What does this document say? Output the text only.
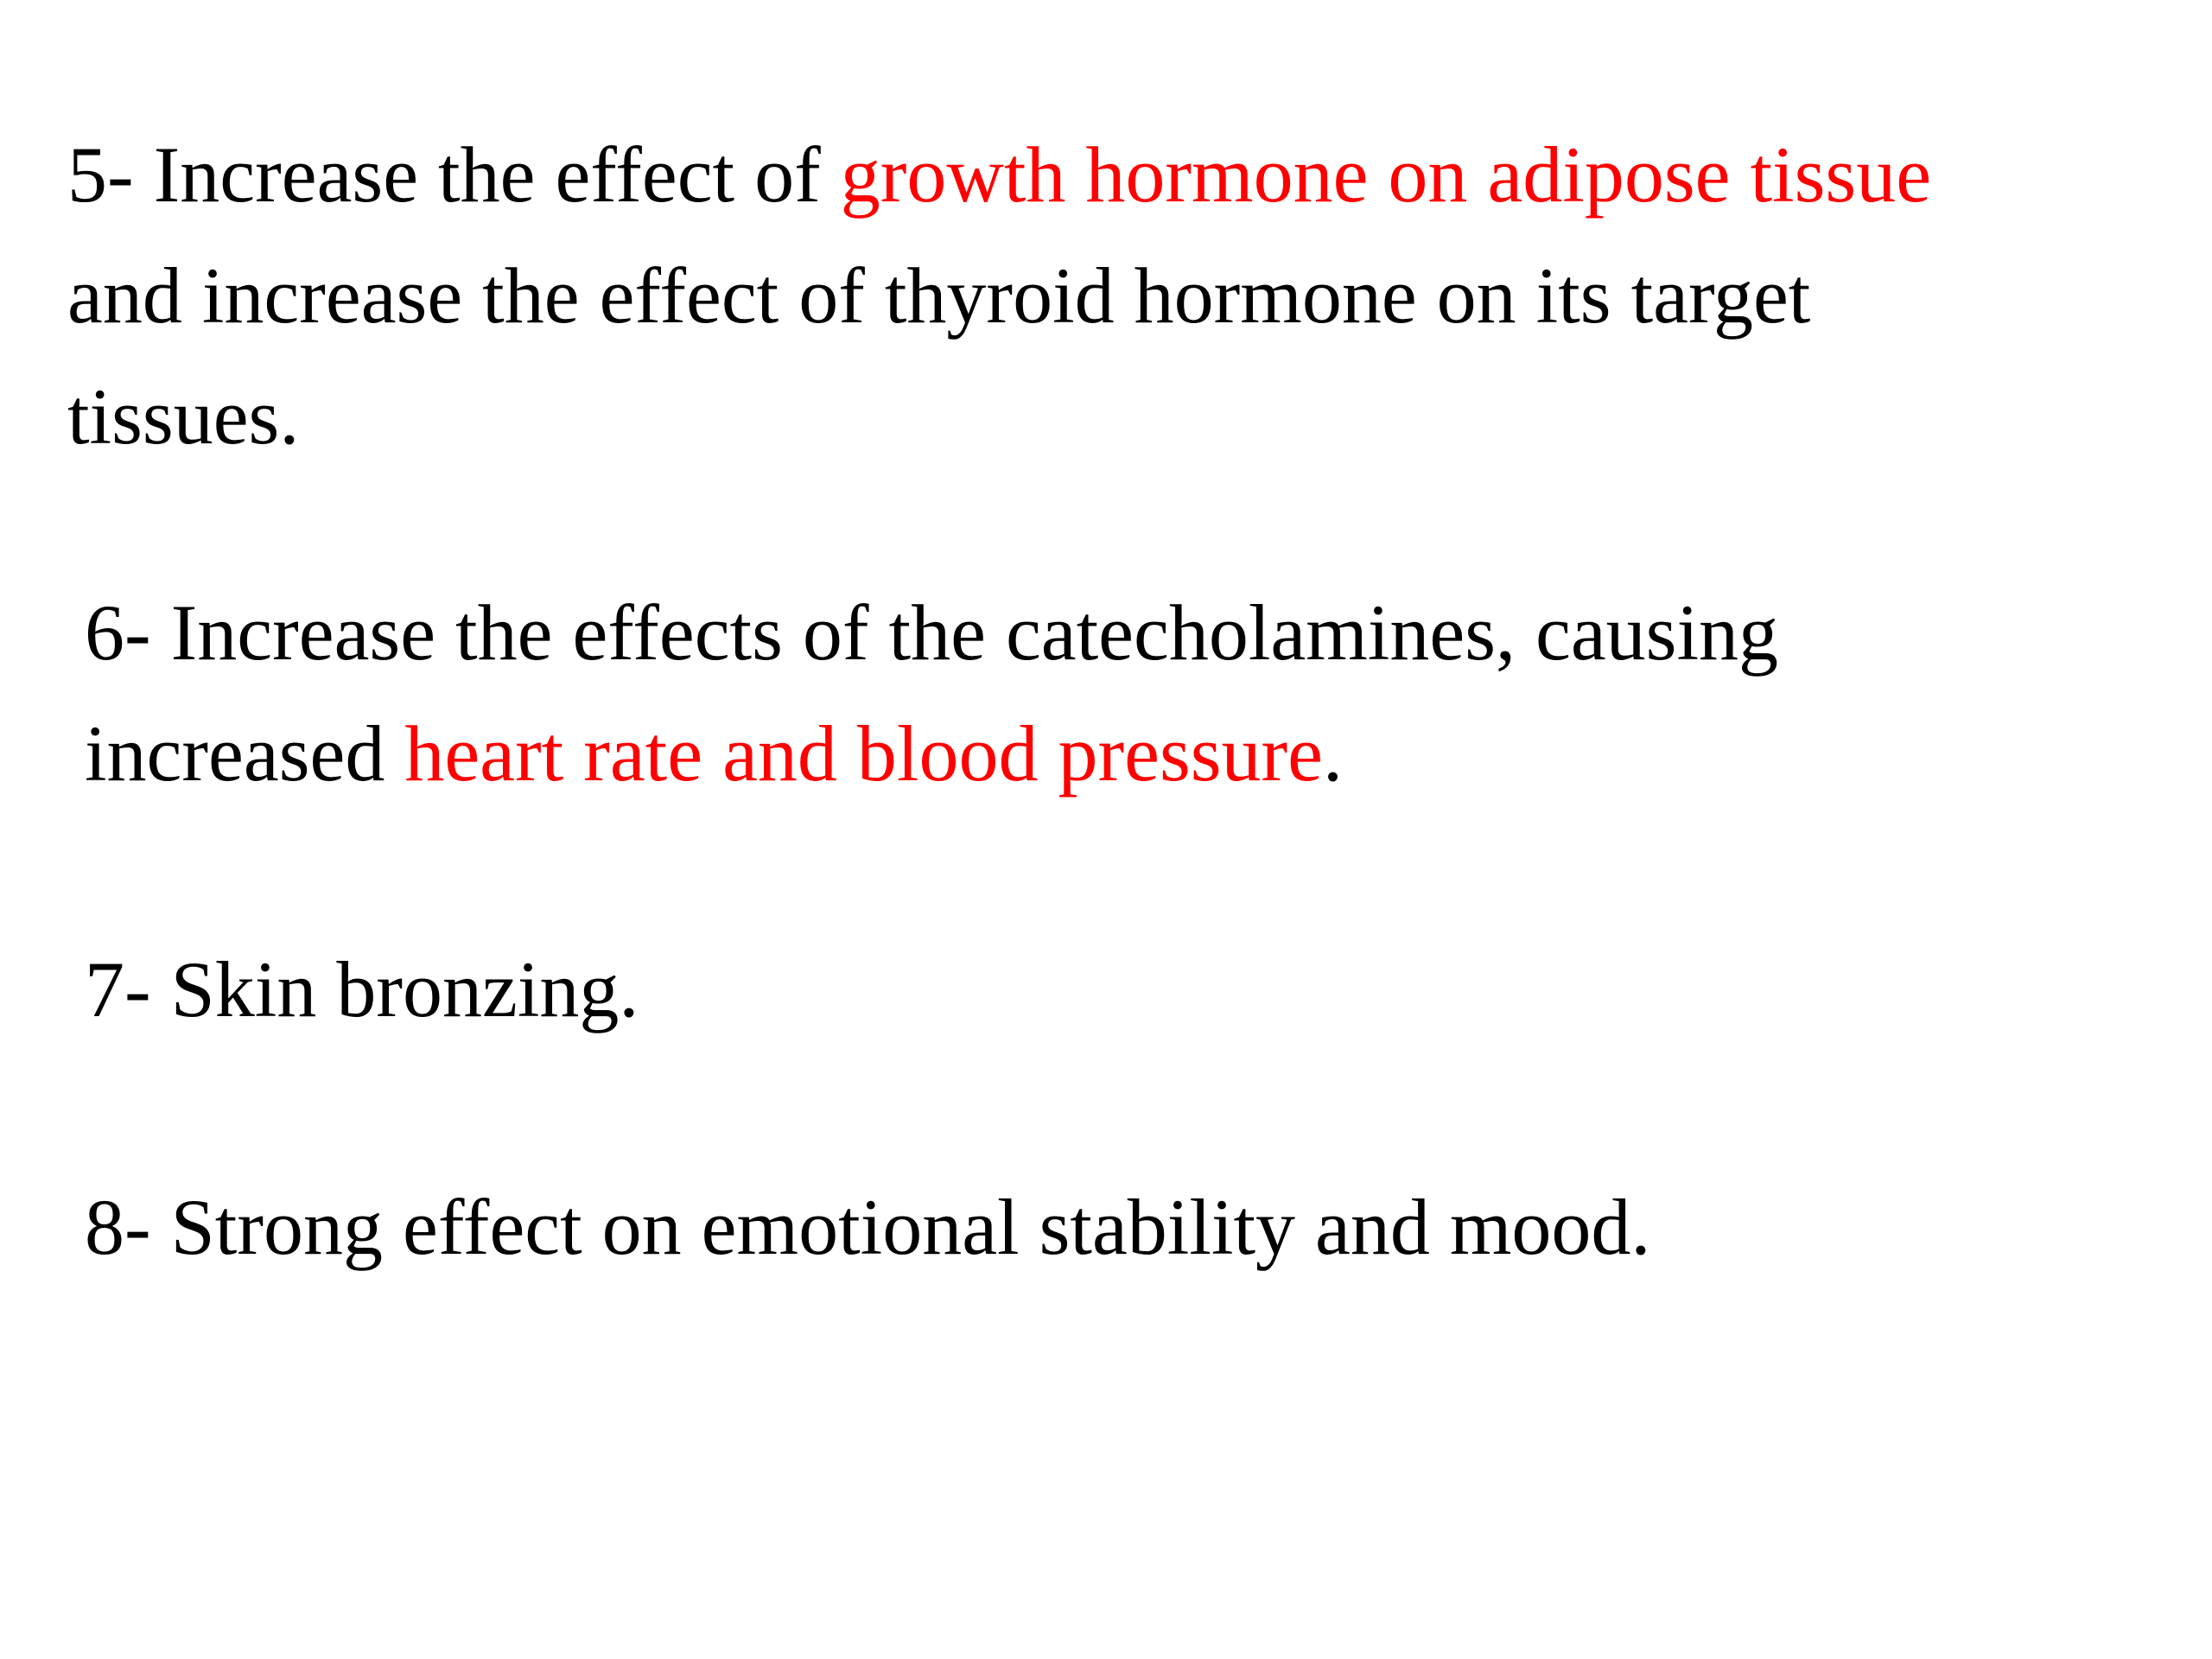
5- Increase the effect of growth hormone on adipose tissue
and increase the effect of thyroid hormone on its target
tissues.

6- Increase the effects of the catecholamines, causing
increased heart rate and blood pressure.

7- Skin bronzing.

8- Strong effect on emotional stability and mood.
